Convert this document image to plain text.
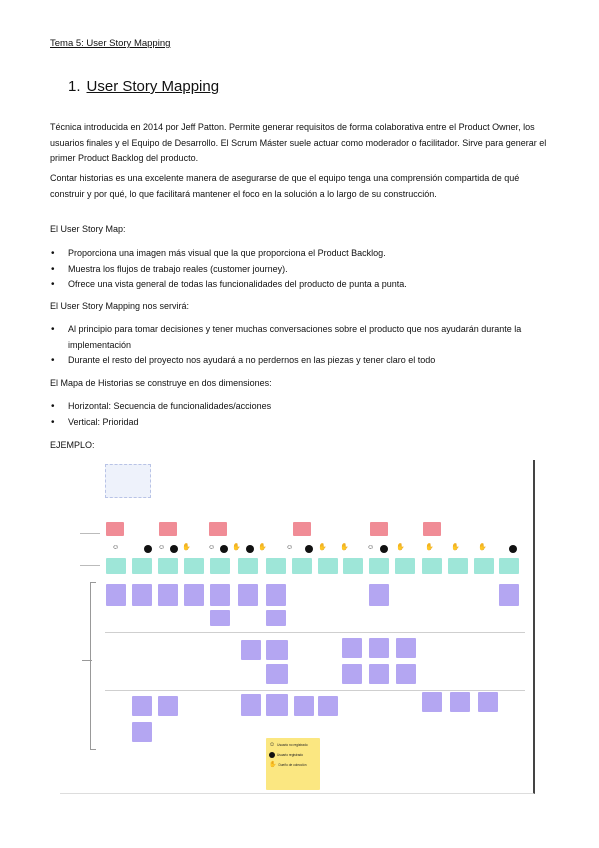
Tema 5: User Story Mapping
1. User Story Mapping
Técnica introducida en 2014 por Jeff Patton. Permite generar requisitos de forma colaborativa entre el Product Owner, los usuarios finales y el Equipo de Desarrollo. El Scrum Máster suele actuar como moderador o facilitador. Sirve para generar el primer Product Backlog del producto.
Contar historias es una excelente manera de asegurarse de que el equipo tenga una comprensión compartida de qué construir y por qué, lo que facilitará mantener el foco en la solución a lo largo de su construcción.
El User Story Map:
• Proporciona una imagen más visual que la que proporciona el Product Backlog.
• Muestra los flujos de trabajo reales (customer journey).
• Ofrece una vista general de todas las funcionalidades del producto de punta a punta.
El User Story Mapping nos servirá:
• Al principio para tomar decisiones y tener muchas conversaciones sobre el producto que nos ayudarán durante la implementación
• Durante el resto del proyecto nos ayudará a no perdernos en las piezas y tener claro el todo
El Mapa de Historias se construye en dos dimensiones:
• Horizontal: Secuencia de funcionalidades/acciones
• Vertical: Prioridad
EJEMPLO:
☺	☺ ✋ ☺ ✋ ✋	☺	✋ ✋	☺	✋	✋ ✋	✋
☺ Usuario no registrado
Usuario registrado
✋ Dueño de colección
